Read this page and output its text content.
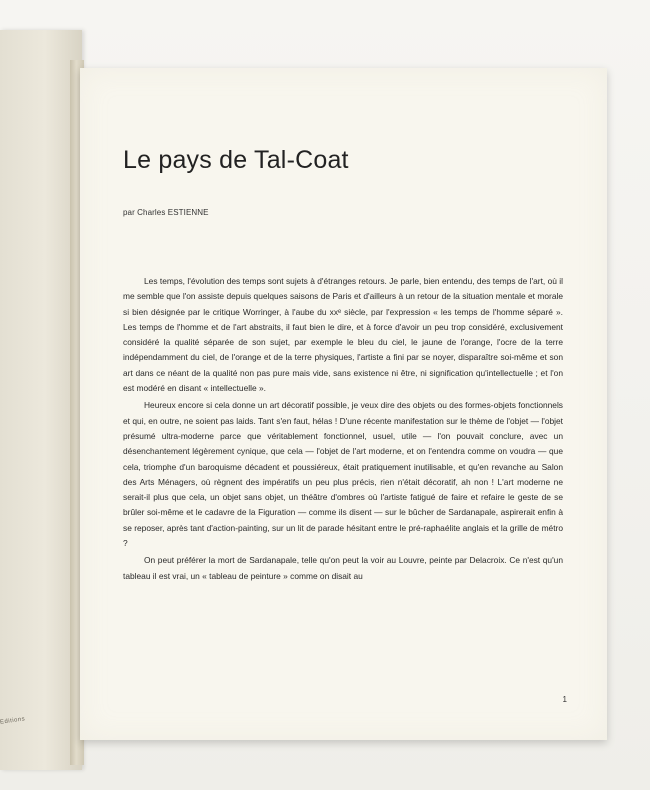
Editions
Le pays de Tal-Coat
par Charles ESTIENNE

Les temps, l'évolution des temps sont sujets à d'étranges retours. Je parle, bien entendu, des temps de l'art, où il me semble que l'on assiste depuis quelques saisons de Paris et d'ailleurs à un retour de la situation mentale et morale si bien désignée par le critique Worringer, à l'aube du xxᵉ siècle, par l'expression « les temps de l'homme séparé ». Les temps de l'homme et de l'art abstraits, il faut bien le dire, et à force d'avoir un peu trop considéré, exclusivement considéré la qualité séparée de son sujet, par exemple le bleu du ciel, le jaune de l'orange, l'ocre de la terre indépendamment du ciel, de l'orange et de la terre physiques, l'artiste a fini par se noyer, disparaître soi-même et son art dans ce néant de la qualité non pas pure mais vide, sans existence ni être, ni signification qu'intellectuelle ; et l'on est modéré en disant « intellectuelle ».

Heureux encore si cela donne un art décoratif possible, je veux dire des objets ou des formes-objets fonctionnels et qui, en outre, ne soient pas laids. Tant s'en faut, hélas ! D'une récente manifestation sur le thème de l'objet — l'objet présumé ultra-moderne parce que véritablement fonctionnel, usuel, utile — l'on pouvait conclure, avec un désenchantement légèrement cynique, que cela — l'objet de l'art moderne, et on l'entendra comme on voudra — que cela, triomphe d'un baroquisme décadent et poussiéreux, était pratiquement inutilisable, et qu'en revanche au Salon des Arts Ménagers, où règnent des impératifs un peu plus précis, rien n'était décoratif, ah non ! L'art moderne ne serait-il plus que cela, un objet sans objet, un théâtre d'ombres où l'artiste fatigué de faire et refaire le geste de se brûler soi-même et le cadavre de la Figuration — comme ils disent — sur le bûcher de Sardanapale, aspirerait enfin à se reposer, après tant d'action-painting, sur un lit de parade hésitant entre le pré-raphaélite anglais et la grille de métro ?

On peut préférer la mort de Sardanapale, telle qu'on peut la voir au Louvre, peinte par Delacroix. Ce n'est qu'un tableau il est vrai, un « tableau de peinture » comme on disait au

1
